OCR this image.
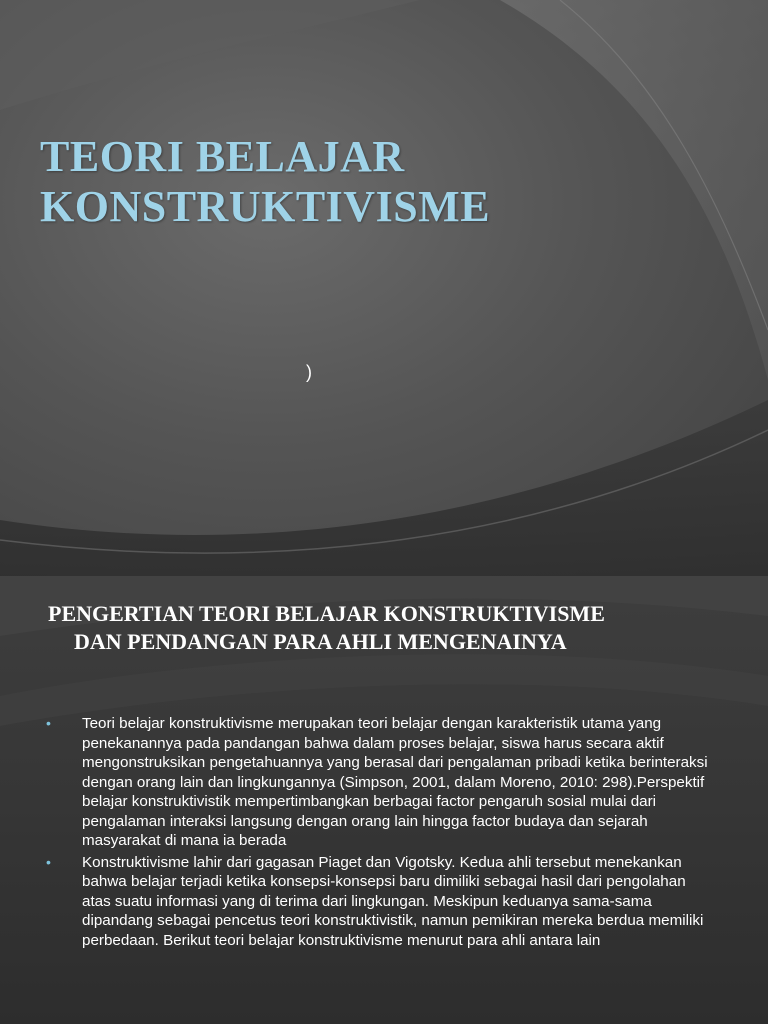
TEORI BELAJAR
KONSTRUKTIVISME
)
PENGERTIAN TEORI BELAJAR KONSTRUKTIVISME
DAN PENDANGAN PARA AHLI MENGENAINYA
• Teori belajar konstruktivisme merupakan teori belajar dengan karakteristik utama yang penekanannya pada pandangan bahwa dalam proses belajar, siswa harus secara aktif mengonstruksikan pengetahuannya yang berasal dari pengalaman pribadi ketika berinteraksi dengan orang lain dan lingkungannya (Simpson, 2001, dalam Moreno, 2010: 298).Perspektif belajar konstruktivistik mempertimbangkan berbagai factor pengaruh sosial mulai dari pengalaman interaksi langsung dengan orang lain hingga factor budaya dan sejarah masyarakat di mana ia berada
• Konstruktivisme lahir dari gagasan Piaget dan Vigotsky. Kedua ahli tersebut menekankan bahwa belajar terjadi ketika konsepsi-konsepsi baru dimiliki sebagai hasil dari pengolahan atas suatu informasi yang di terima dari lingkungan. Meskipun keduanya sama-sama dipandang sebagai pencetus teori konstruktivistik, namun pemikiran mereka berdua memiliki perbedaan. Berikut teori belajar konstruktivisme menurut para ahli antara lain
